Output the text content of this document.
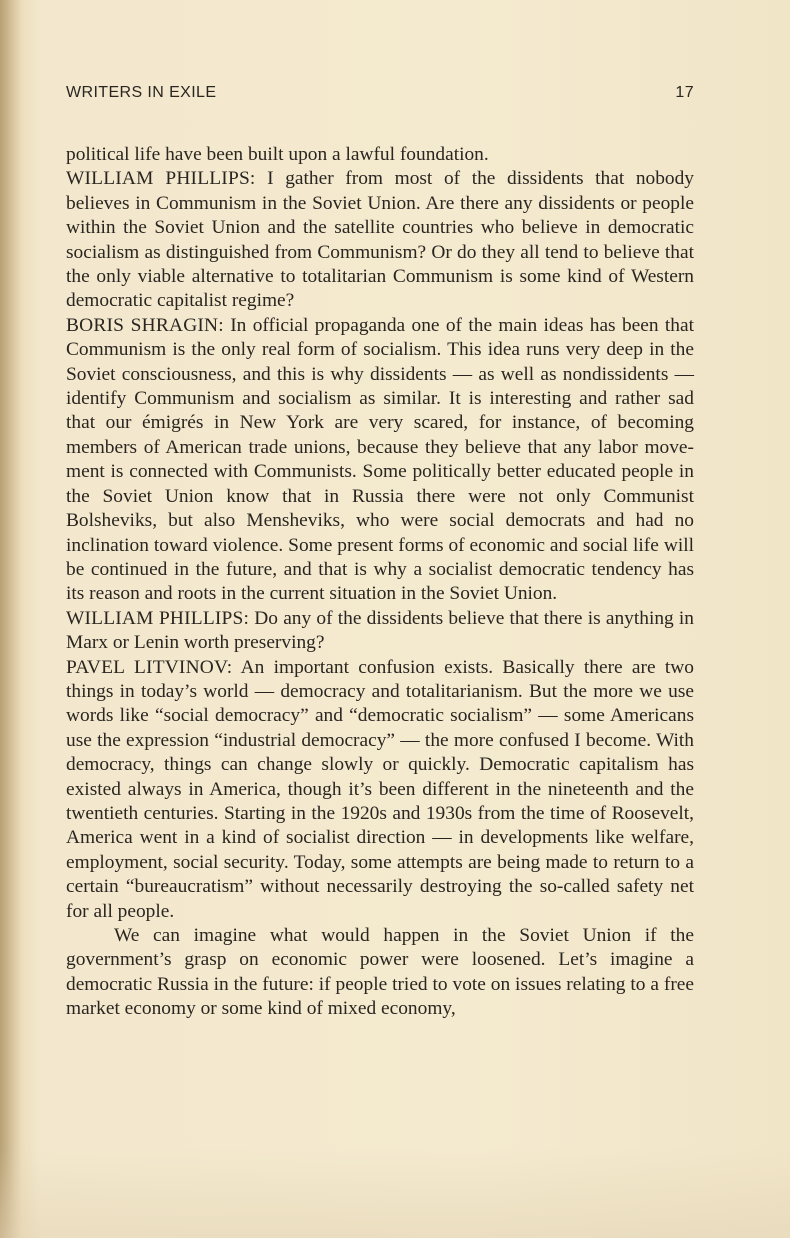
WRITERS IN EXILE	17

political life have been built upon a lawful foundation.

WILLIAM PHILLIPS: I gather from most of the dissidents that nobody believes in Communism in the Soviet Union. Are there any dissidents or people within the Soviet Union and the satellite countries who believe in democratic socialism as distinguished from Communism? Or do they all tend to believe that the only viable alternative to totalitarian Communism is some kind of Western democratic capitalist regime?

BORIS SHRAGIN: In official propaganda one of the main ideas has been that Communism is the only real form of socialism. This idea runs very deep in the Soviet consciousness, and this is why dissidents — as well as nondissidents — identify Communism and socialism as similar. It is interesting and rather sad that our émigrés in New York are very scared, for instance, of becoming members of American trade unions, because they believe that any labor movement is connected with Communists. Some politically better educated people in the Soviet Union know that in Russia there were not only Communist Bolsheviks, but also Mensheviks, who were social democrats and had no inclination toward violence. Some present forms of economic and social life will be continued in the future, and that is why a socialist democratic tendency has its reason and roots in the current situation in the Soviet Union.

WILLIAM PHILLIPS: Do any of the dissidents believe that there is anything in Marx or Lenin worth preserving?

PAVEL LITVINOV: An important confusion exists. Basically there are two things in today’s world — democracy and totalitarianism. But the more we use words like “social democracy” and “democratic socialism” — some Americans use the expression “industrial democracy” — the more confused I become. With democracy, things can change slowly or quickly. Democratic capitalism has existed always in America, though it’s been different in the nineteenth and the twentieth centuries. Starting in the 1920s and 1930s from the time of Roosevelt, America went in a kind of socialist direction — in developments like welfare, employment, social security. Today, some attempts are being made to return to a certain “bureaucratism” without necessarily destroying the so-called safety net for all people.

We can imagine what would happen in the Soviet Union if the government’s grasp on economic power were loosened. Let’s imagine a democratic Russia in the future: if people tried to vote on issues relating to a free market economy or some kind of mixed economy,
